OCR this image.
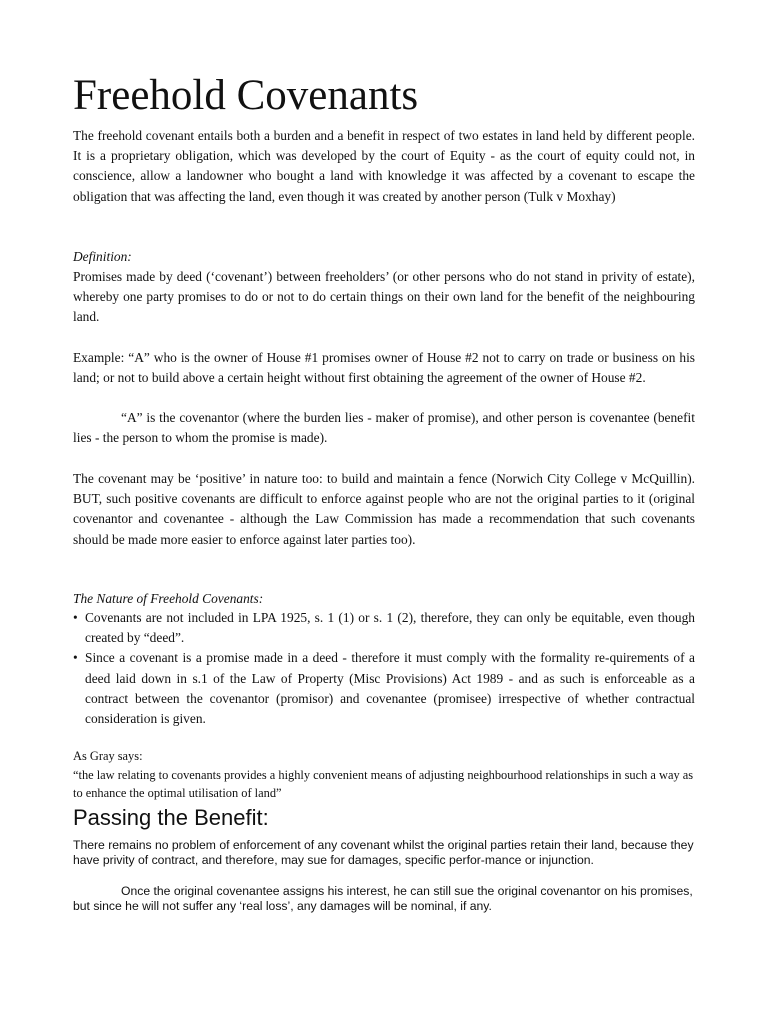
Freehold Covenants

The freehold covenant entails both a burden and a benefit in respect of two estates in land held by different people. It is a proprietary obligation, which was developed by the court of Equity - as the court of equity could not, in conscience, allow a landowner who bought a land with knowledge it was affected by a covenant to escape the obligation that was affecting the land, even though it was created by another person (Tulk v Moxhay)

Definition:

Promises made by deed (‘covenant’) between freeholders’ (or other persons who do not stand in privity of estate), whereby one party promises to do or not to do certain things on their own land for the benefit of the neighbouring land.

Example: “A” who is the owner of House #1 promises owner of House #2 not to carry on trade or business on his land; or not to build above a certain height without first obtaining the agreement of the owner of House #2.

“A” is the covenantor (where the burden lies - maker of promise), and other person is covenantee (benefit lies - the person to whom the promise is made).

The covenant may be ‘positive’ in nature too: to build and maintain a fence (Norwich City College v McQuillin). BUT, such positive covenants are difficult to enforce against people who are not the original parties to it (original covenantor and covenantee - although the Law Commission has made a recommendation that such covenants should be made more easier to enforce against later parties too).

The Nature of Freehold Covenants:

• Covenants are not included in LPA 1925, s. 1 (1) or s. 1 (2), therefore, they can only be equitable, even though created by “deed”.
• Since a covenant is a promise made in a deed - therefore it must comply with the formality re-quirements of a deed laid down in s.1 of the Law of Property (Misc Provisions) Act 1989 - and as such is enforceable as a contract between the covenantor (promisor) and covenantee (promisee) irrespective of whether contractual consideration is given.

As Gray says:

“the law relating to covenants provides a highly convenient means of adjusting neighbourhood relationships in such a way as to enhance the optimal utilisation of land”

Passing the Benefit:

There remains no problem of enforcement of any covenant whilst the original parties retain their land, because they have privity of contract, and therefore, may sue for damages, specific perfor-mance or injunction.

Once the original covenantee assigns his interest, he can still sue the original covenantor on his promises, but since he will not suffer any ‘real loss’, any damages will be nominal, if any.
